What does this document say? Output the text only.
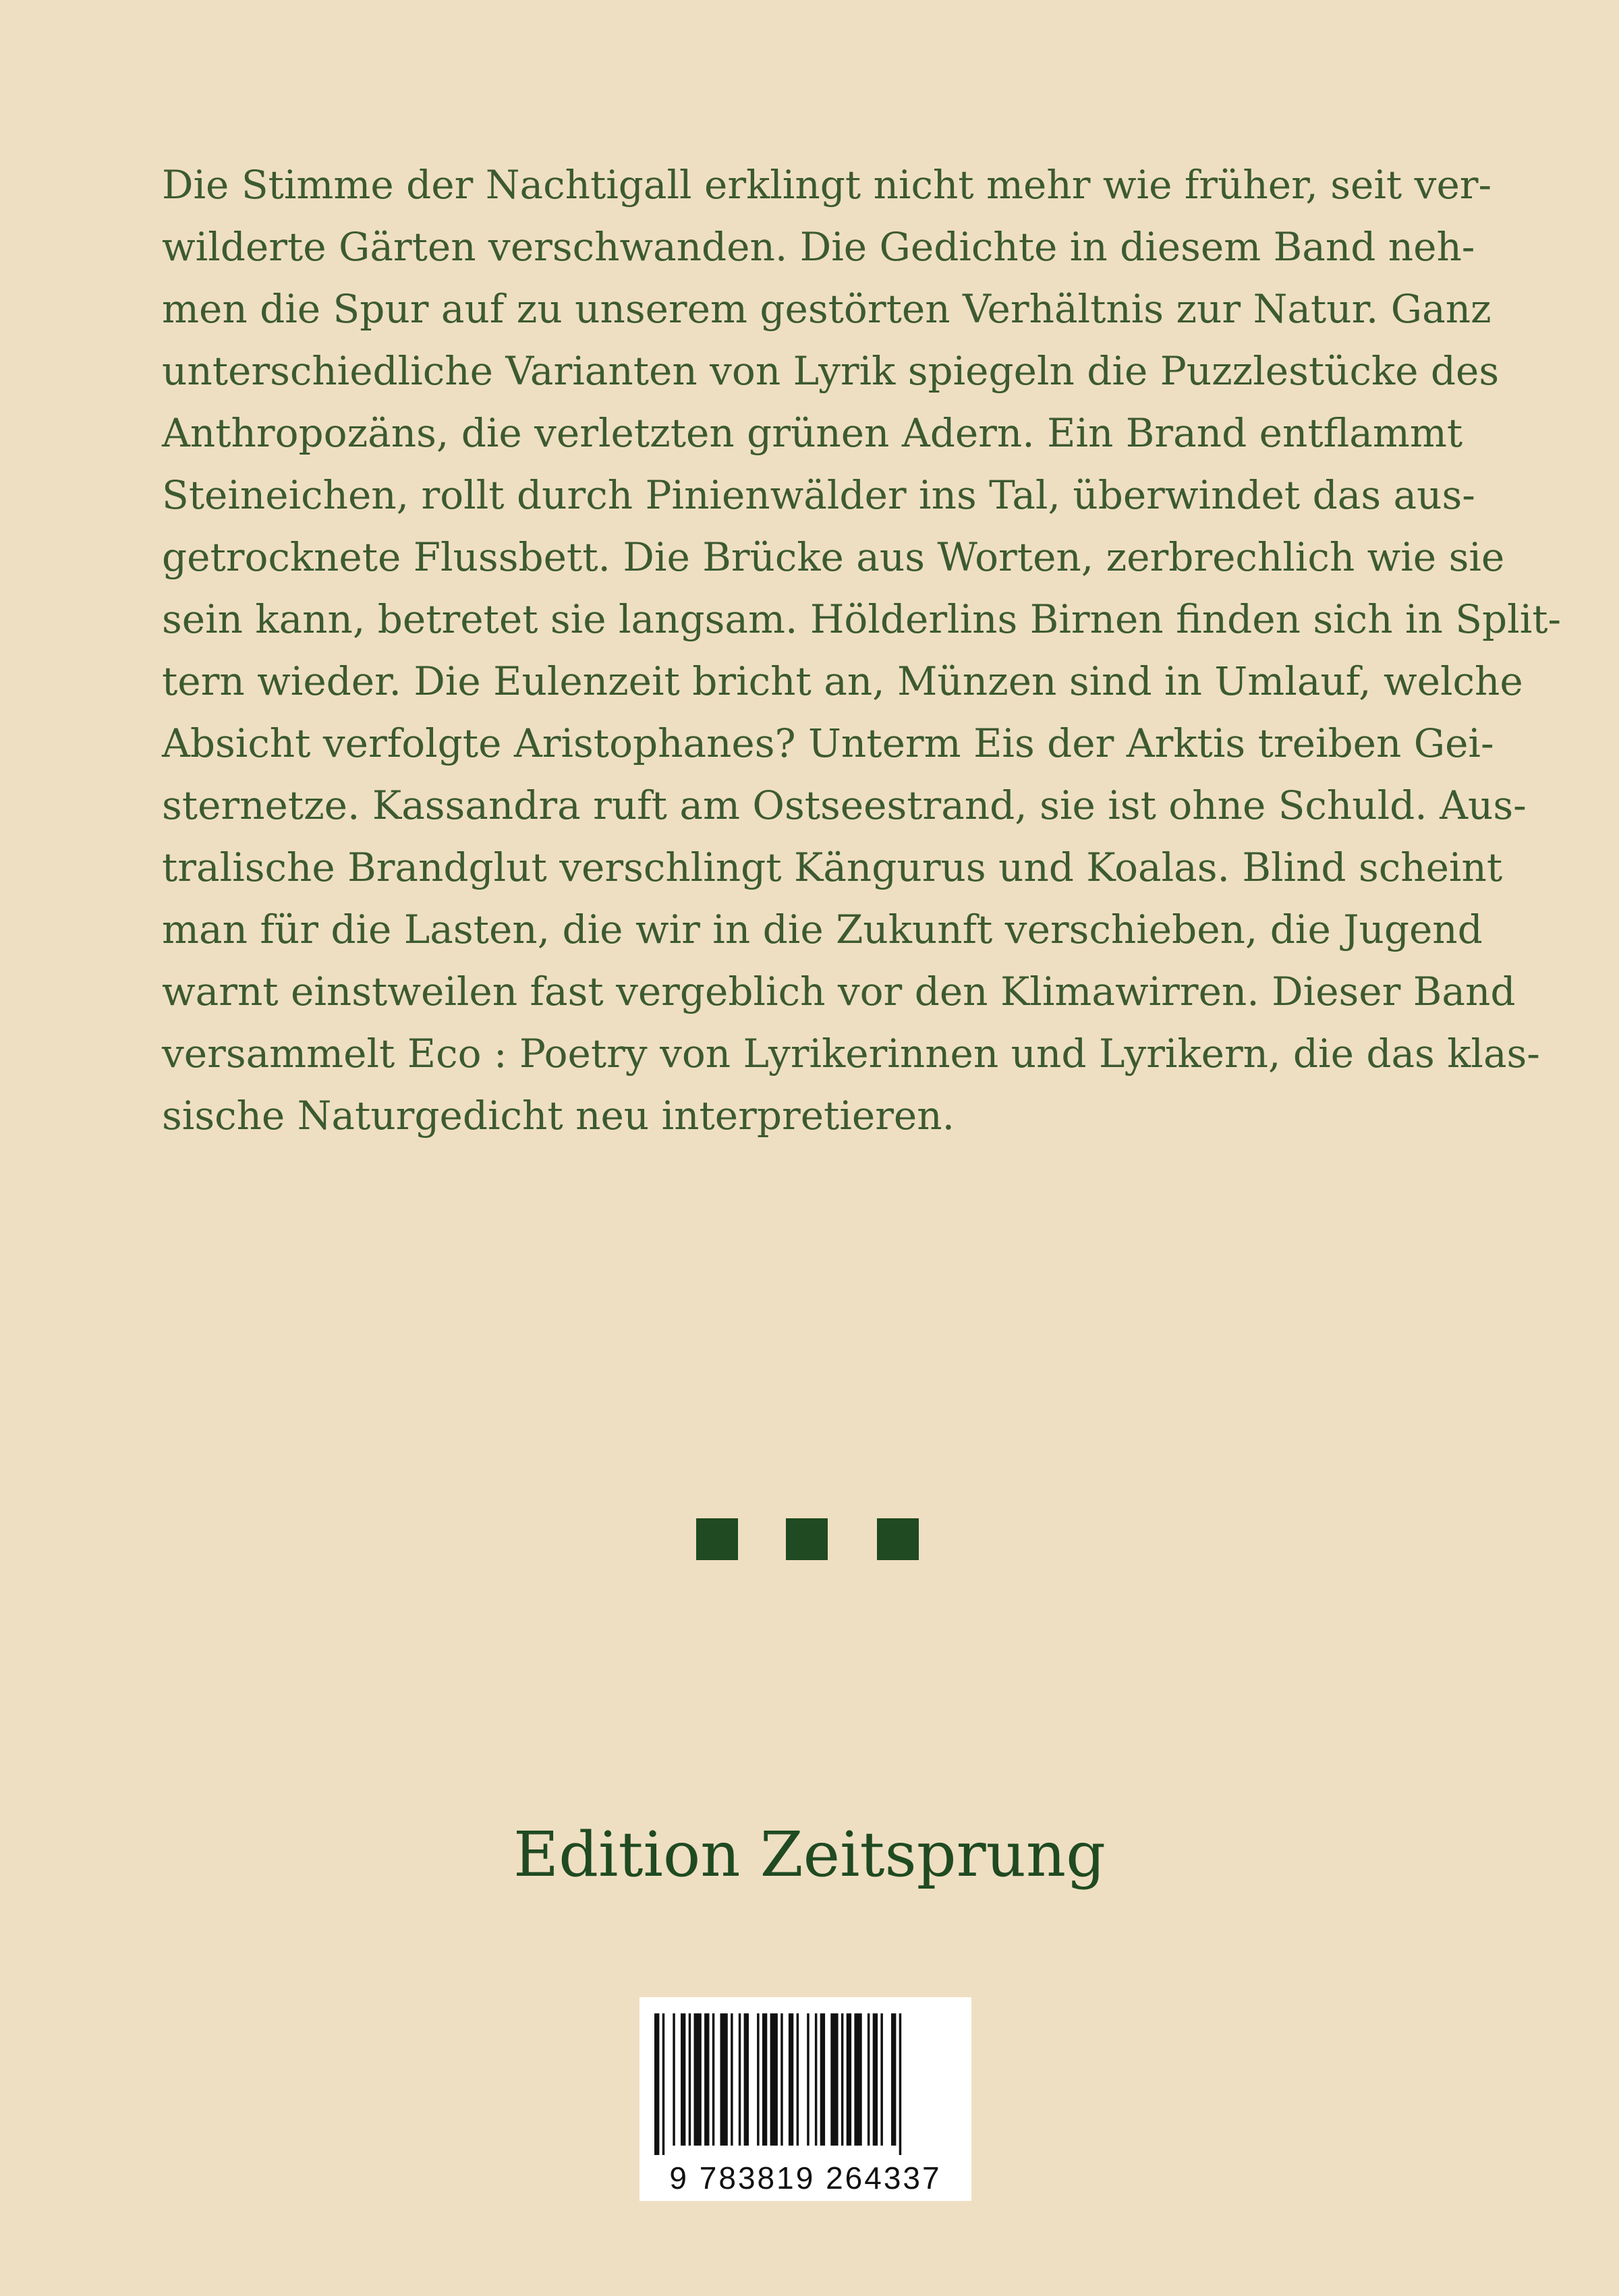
Die Stimme der Nachtigall erklingt nicht mehr wie früher, seit ver-
wilderte Gärten verschwanden. Die Gedichte in diesem Band neh-
men die Spur auf zu unserem gestörten Verhältnis zur Natur. Ganz
unterschiedliche Varianten von Lyrik spiegeln die Puzzlestücke des
Anthropozäns, die verletzten grünen Adern. Ein Brand entflammt
Steineichen, rollt durch Pinienwälder ins Tal, überwindet das aus-
getrocknete Flussbett. Die Brücke aus Worten, zerbrechlich wie sie
sein kann, betretet sie langsam. Hölderlins Birnen finden sich in Split-
tern wieder. Die Eulenzeit bricht an, Münzen sind in Umlauf, welche
Absicht verfolgte Aristophanes? Unterm Eis der Arktis treiben Gei-
sternetze. Kassandra ruft am Ostseestrand, sie ist ohne Schuld. Aus-
tralische Brandglut verschlingt Kängurus und Koalas. Blind scheint
man für die Lasten, die wir in die Zukunft verschieben, die Jugend
warnt einstweilen fast vergeblich vor den Klimawirren. Dieser Band
versammelt Eco : Poetry von Lyrikerinnen und Lyrikern, die das klas-
sische Naturgedicht neu interpretieren.
Edition Zeitsprung
9 783819 264337
